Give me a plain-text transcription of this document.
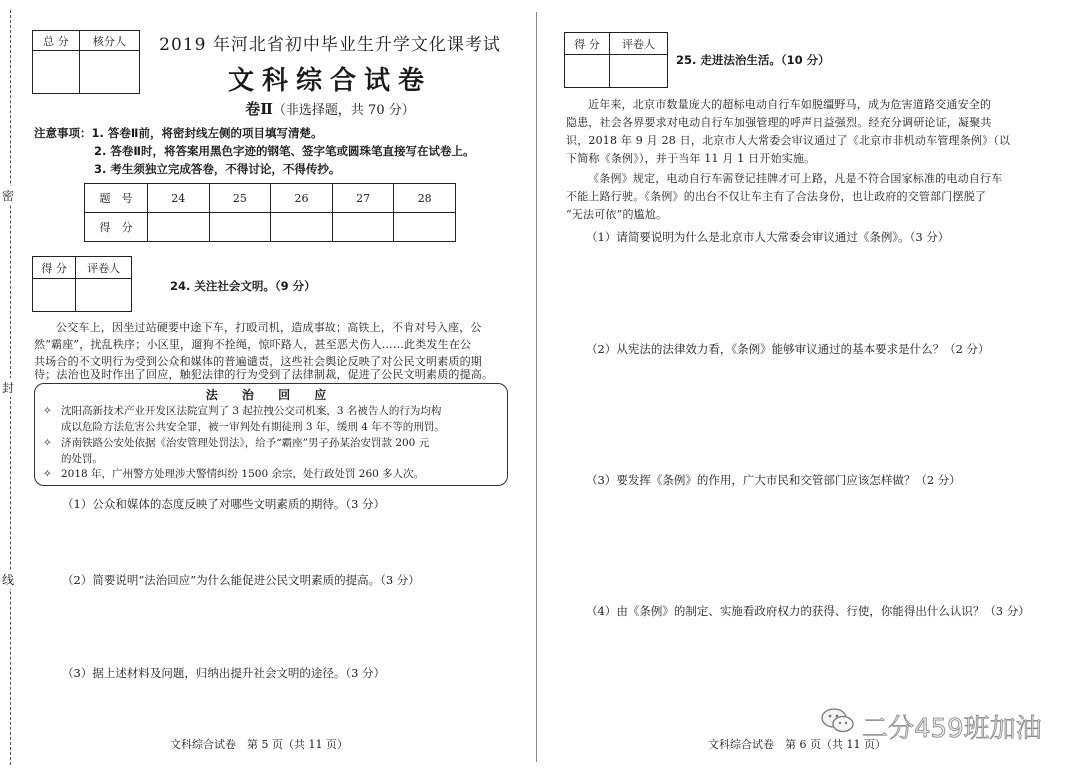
密
封
线
总 分	核分人
		2019 年河北省初中毕业生升学文化课考试
文科综合试卷
卷Ⅱ（非选择题，共 70 分）
注意事项：1. 答卷Ⅱ前，将密封线左侧的项目填写清楚。
2. 答卷Ⅱ时，将答案用黑色字迹的钢笔、签字笔或圆珠笔直接写在试卷上。
3. 考生须独立完成答卷，不得讨论，不得传抄。
题　号	24	25	26	27	28
得　分					
得 分	评卷人

24. 关注社会文明。（9 分）
公交车上，因坐过站硬要中途下车，打殴司机，造成事故；高铁上，不肯对号入座，公
然“霸座”，扰乱秩序；小区里，遛狗不拴绳，惊吓路人，甚至恶犬伤人……此类发生在公
共场合的不文明行为受到公众和媒体的普遍谴责，这些社会舆论反映了对公民文明素质的期
待；法治也及时作出了回应，触犯法律的行为受到了法律制裁，促进了公民文明素质的提高。
法 治 回 应
✧ 沈阳高新技术产业开发区法院宣判了 3 起拉拽公交司机案，3 名被告人的行为均构
成以危险方法危害公共安全罪，被一审判处有期徒刑 3 年，缓刑 4 年不等的刑罚。
✧ 济南铁路公安处依据《治安管理处罚法》，给予“霸座”男子孙某治安罚款 200 元
的处罚。
✧ 2018 年，广州警方处理涉犬警情纠纷 1500 余宗，处行政处罚 260 多人次。
（1）公众和媒体的态度反映了对哪些文明素质的期待。（3 分）
（2）简要说明“法治回应”为什么能促进公民文明素质的提高。（3 分）
（3）据上述材料及问题，归纳出提升社会文明的途径。（3 分）
文科综合试卷　第 5 页（共 11 页）
得 分	评卷人

25. 走进法治生活。（10 分）
近年来，北京市数量庞大的超标电动自行车如脱缰野马，成为危害道路交通安全的
隐患，社会各界要求对电动自行车加强管理的呼声日益强烈。经充分调研论证，凝聚共
识，2018 年 9 月 28 日，北京市人大常委会审议通过了《北京市非机动车管理条例》（以
下简称《条例》），并于当年 11 月 1 日开始实施。
《条例》规定，电动自行车需登记挂牌才可上路，凡是不符合国家标准的电动自行车
不能上路行驶。《条例》的出台不仅让车主有了合法身份，也让政府的交管部门摆脱了
“无法可依”的尴尬。
（1）请简要说明为什么是北京市人大常委会审议通过《条例》。（3 分）
（2）从宪法的法律效力看，《条例》能够审议通过的基本要求是什么？（2 分）
（3）要发挥《条例》的作用，广大市民和交管部门应该怎样做？（2 分）
（4）由《条例》的制定、实施看政府权力的获得、行使，你能得出什么认识？（3 分）
文科综合试卷　第 6 页（共 11 页）
二分459班加油
